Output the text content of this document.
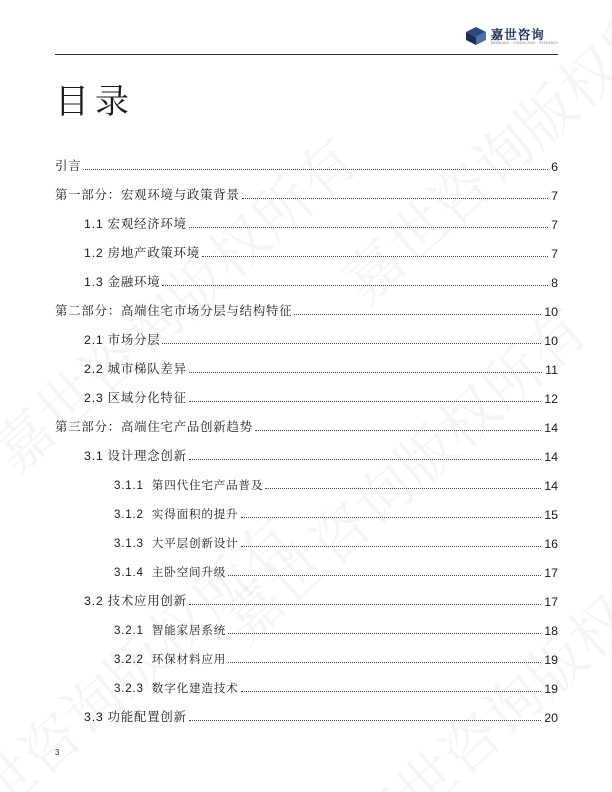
嘉世咨询
BRANDING · CONSULTING · RESEARCH
目录
引言	6
第一部分：宏观环境与政策背景	7
1.1 宏观经济环境	7
1.2 房地产政策环境	7
1.3 金融环境	8
第二部分：高端住宅市场分层与结构特征	10
2.1 市场分层	10
2.2 城市梯队差异	11
2.3 区域分化特征	12
第三部分：高端住宅产品创新趋势	14
3.1 设计理念创新	14
3.1.1 第四代住宅产品普及	14
3.1.2 实得面积的提升	15
3.1.3 大平层创新设计	16
3.1.4 主卧空间升级	17
3.2 技术应用创新	17
3.2.1 智能家居系统	18
3.2.2 环保材料应用	19
3.2.3 数字化建造技术	19
3.3 功能配置创新	20
3
